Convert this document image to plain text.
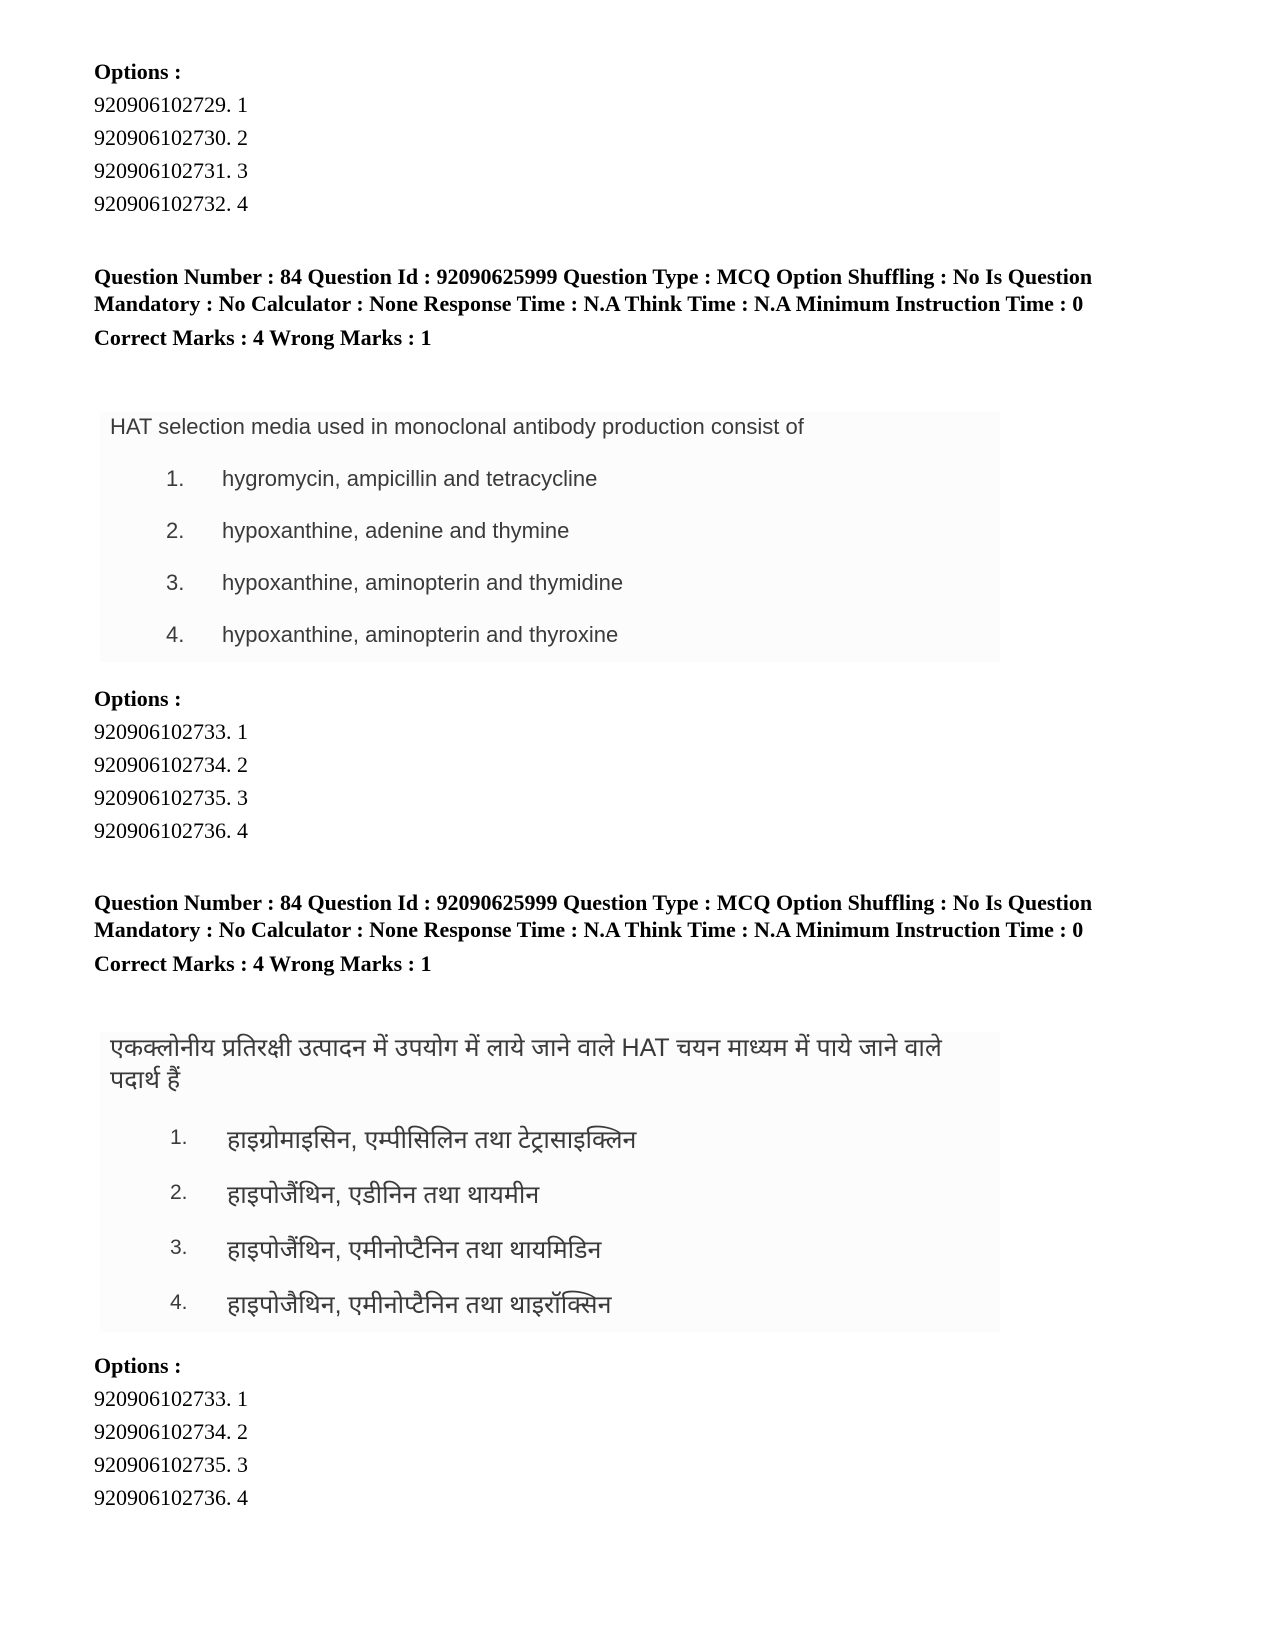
Options :

920906102729. 1

920906102730. 2

920906102731. 3

920906102732. 4

Question Number : 84 Question Id : 92090625999 Question Type : MCQ Option Shuffling : No Is Question Mandatory : No Calculator : None Response Time : N.A Think Time : N.A Minimum Instruction Time : 0

Correct Marks : 4 Wrong Marks : 1

HAT selection media used in monoclonal antibody production consist of

1. hygromycin, ampicillin and tetracycline
2. hypoxanthine, adenine and thymine
3. hypoxanthine, aminopterin and thymidine
4. hypoxanthine, aminopterin and thyroxine

Options :

920906102733. 1

920906102734. 2

920906102735. 3

920906102736. 4

Question Number : 84 Question Id : 92090625999 Question Type : MCQ Option Shuffling : No Is Question Mandatory : No Calculator : None Response Time : N.A Think Time : N.A Minimum Instruction Time : 0

Correct Marks : 4 Wrong Marks : 1

एकक्लोनीय प्रतिरक्षी उत्पादन में उपयोग में लाये जाने वाले HAT चयन माध्यम में पाये जाने वाले

पदार्थ हैं

1. हाइग्रोमाइसिन, एम्पीसिलिन तथा टेट्रासाइक्लिन
2. हाइपोजैंथिन, एडीनिन तथा थायमीन
3. हाइपोजैंथिन, एमीनोप्टैनिन तथा थायमिडिन
4. हाइपोजैथिन, एमीनोप्टैनिन तथा थाइरॉक्सिन

Options :

920906102733. 1

920906102734. 2

920906102735. 3

920906102736. 4
